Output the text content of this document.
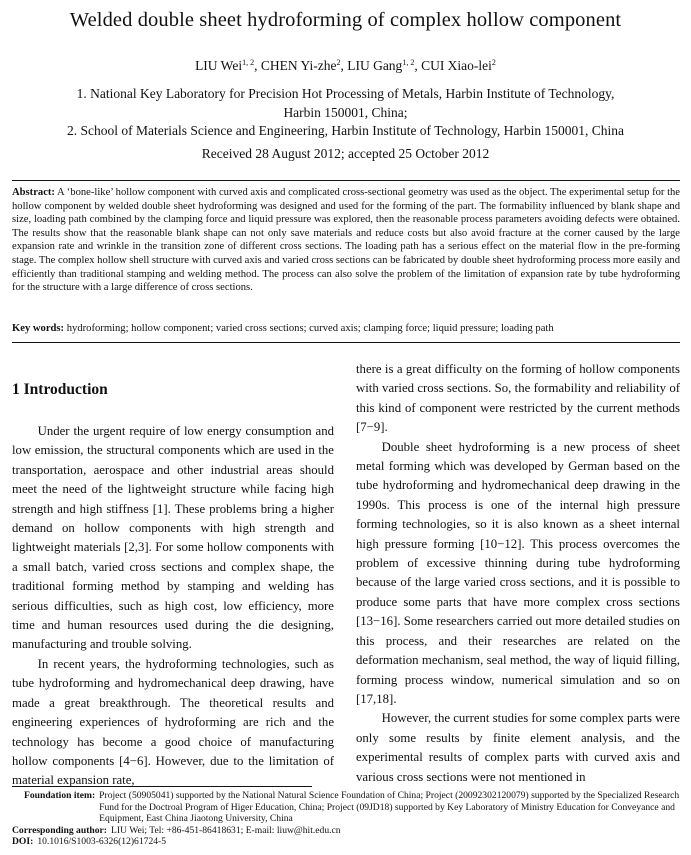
Welded double sheet hydroforming of complex hollow component
LIU Wei$^{1, 2}$, CHEN Yi-zhe$^2$, LIU Gang$^{1, 2}$, CUI Xiao-lei$^2$
1. National Key Laboratory for Precision Hot Processing of Metals, Harbin Institute of Technology, Harbin 150001, China;
2. School of Materials Science and Engineering, Harbin Institute of Technology, Harbin 150001, China
Received 28 August 2012; accepted 25 October 2012
Abstract: A ‘bone-like’ hollow component with curved axis and complicated cross-sectional geometry was used as the object. The experimental setup for the hollow component by welded double sheet hydroforming was designed and used for the forming of the part. The formability influenced by blank shape and size, loading path combined by the clamping force and liquid pressure was explored, then the reasonable process parameters avoiding defects were obtained. The results show that the reasonable blank shape can not only save materials and reduce costs but also avoid fracture at the corner caused by the large expansion rate and wrinkle in the transition zone of different cross sections. The loading path has a serious effect on the material flow in the pre-forming stage. The complex hollow shell structure with curved axis and varied cross sections can be fabricated by double sheet hydroforming process more easily and efficiently than traditional stamping and welding method. The process can also solve the problem of the limitation of expansion rate by tube hydroforming for the structure with a large difference of cross sections.
Key words: hydroforming; hollow component; varied cross sections; curved axis; clamping force; liquid pressure; loading path
1 Introduction

Under the urgent require of low energy consumption and low emission, the structural components which are used in the transportation, aerospace and other industrial areas should meet the need of the lightweight structure while facing high strength and high stiffness [1]. These problems bring a higher demand on hollow components with high strength and lightweight materials [2,3]. For some hollow components with a small batch, varied cross sections and complex shape, the traditional forming method by stamping and welding has serious difficulties, such as high cost, low efficiency, more time and human resources used during the die designing, manufacturing and trouble solving.

In recent years, the hydroforming technologies, such as tube hydroforming and hydromechanical deep drawing, have made a great breakthrough. The theoretical results and engineering experiences of hydroforming are rich and the technology has become a good choice of manufacturing hollow components [4−6]. However, due to the limitation of material expansion rate,

there is a great difficulty on the forming of hollow components with varied cross sections. So, the formability and reliability of this kind of component were restricted by the current methods [7−9].

Double sheet hydroforming is a new process of sheet metal forming which was developed by German based on the tube hydroforming and hydromechanical deep drawing in the 1990s. This process is one of the internal high pressure forming technologies, so it is also known as a sheet internal high pressure forming [10−12]. This process overcomes the problem of excessive thinning during tube hydroforming because of the large varied cross sections, and it is possible to produce some parts that have more complex cross sections [13−16]. Some researchers carried out more detailed studies on this process, and their researches are related on the deformation mechanism, seal method, the way of liquid filling, forming process window, numerical simulation and so on [17,18].

However, the current studies for some complex parts were only some results by finite element analysis, and the experimental results of complex parts with curved axis and various cross sections were not mentioned in

Foundation item: Project (50905041) supported by the National Natural Science Foundation of China; Project (20092302120079) supported by the Specialized Research Fund for the Doctroal Program of Higer Education, China; Project (09JD18) supported by Key Laboratory of Ministry Education for Conveyance and Equipment, East China Jiaotong University, China
Corresponding author: LIU Wei; Tel: +86-451-86418631; E-mail: liuw@hit.edu.cn
DOI: 10.1016/S1003-6326(12)61724-5
